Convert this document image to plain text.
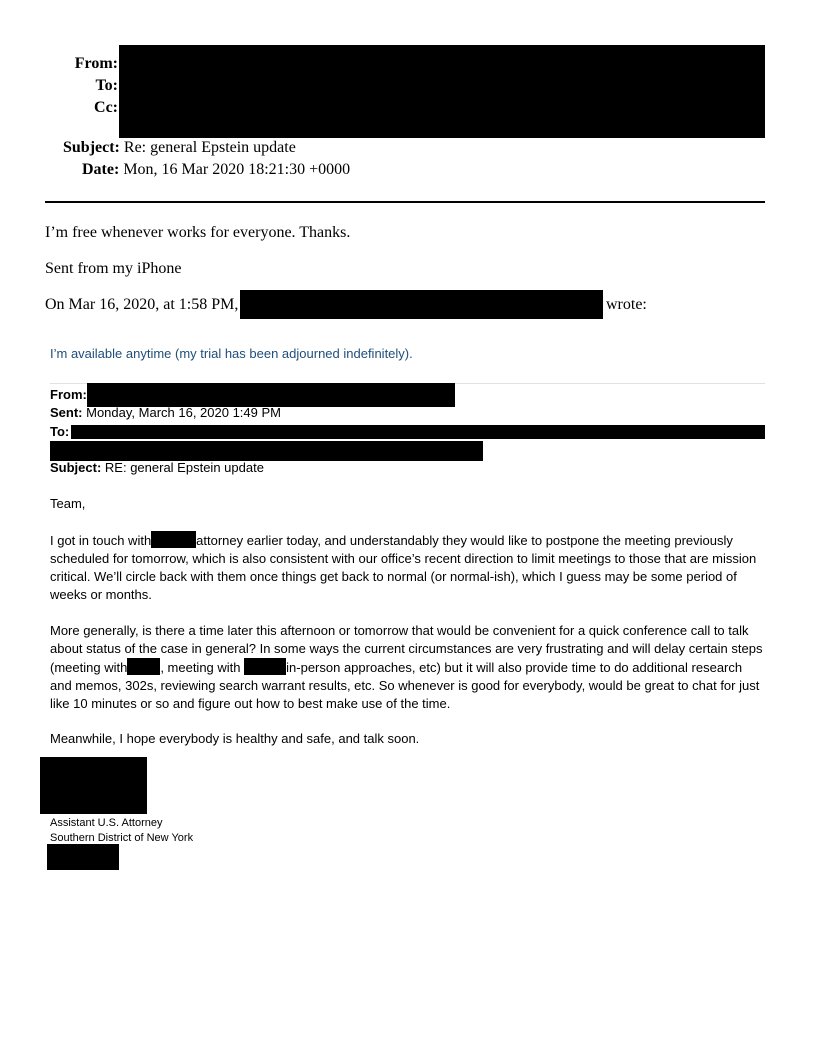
From:
To:
Cc:
Subject: Re: general Epstein update
Date: Mon, 16 Mar 2020 18:21:30 +0000
I’m free whenever works for everyone. Thanks.
Sent from my iPhone
On Mar 16, 2020, at 1:58 PM,	wrote:
I’m available anytime (my trial has been adjourned indefinitely).
From:
Sent: Monday, March 16, 2020 1:49 PM
To:
Subject: RE: general Epstein update
Team,
I got in touch with	attorney earlier today, and understandably they would like to postpone the meeting previously scheduled for tomorrow, which is also consistent with our office’s recent direction to limit meetings to those that are mission critical. We’ll circle back with them once things get back to normal (or normal-ish), which I guess may be some period of weeks or months.
More generally, is there a time later this afternoon or tomorrow that would be convenient for a quick conference call to talk about status of the case in general? In some ways the current circumstances are very frustrating and will delay certain steps (meeting with	, meeting with	in-person approaches, etc) but it will also provide time to do additional research and memos, 302s, reviewing search warrant results, etc. So whenever is good for everybody, would be great to chat for just like 10 minutes or so and figure out how to best make use of the time.
Meanwhile, I hope everybody is healthy and safe, and talk soon.
Assistant U.S. Attorney
Southern District of New York
